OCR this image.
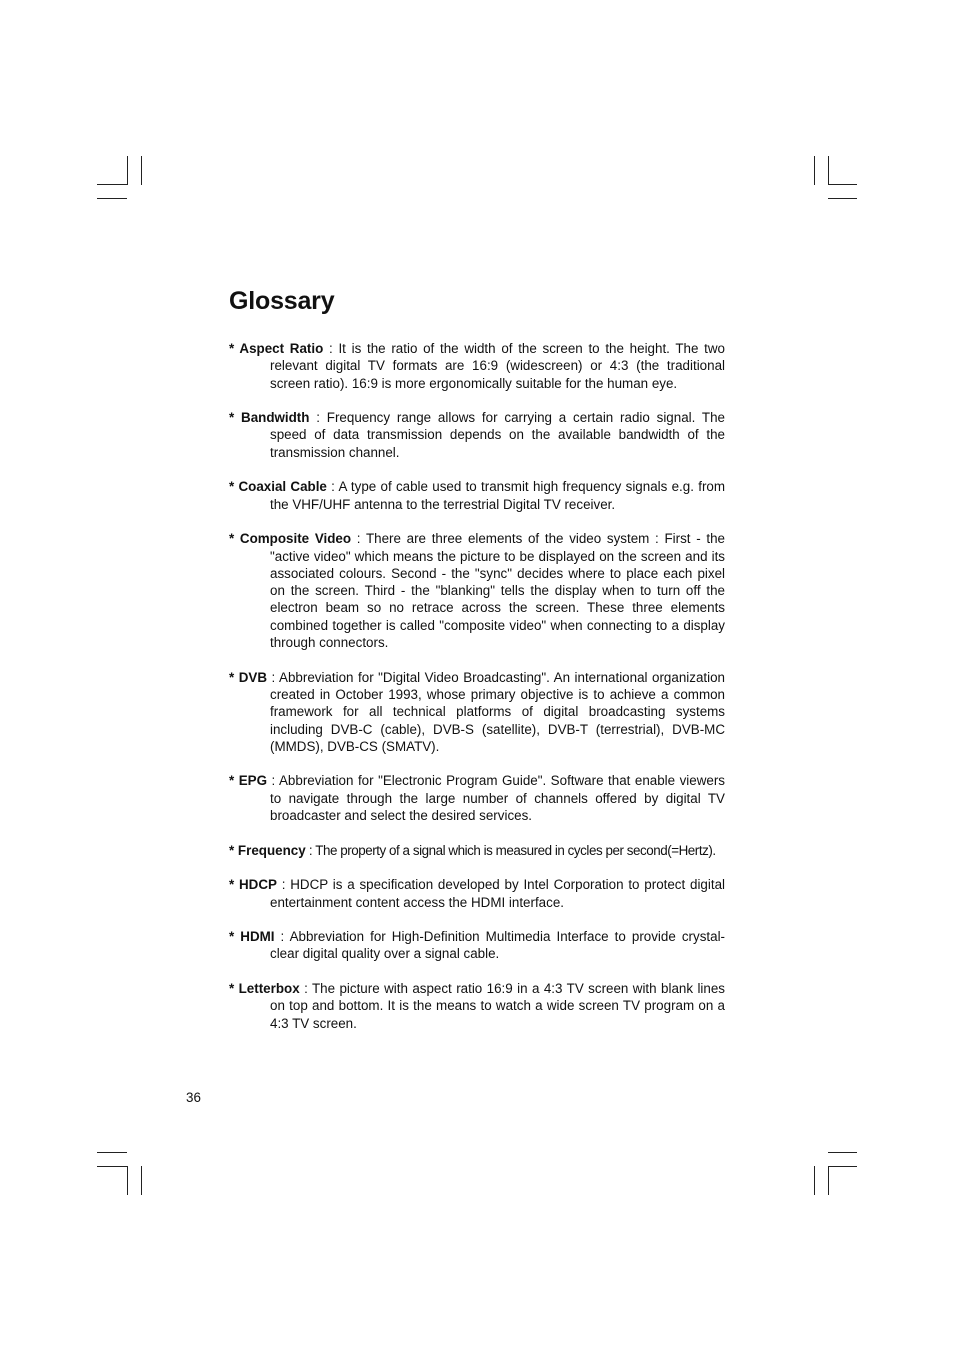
Glossary
* Aspect Ratio : It is the ratio of the width of the screen to the height. The two relevant digital TV formats are 16:9 (widescreen) or 4:3 (the traditional screen ratio). 16:9 is more ergonomically suitable for the human eye.
* Bandwidth : Frequency range allows for carrying a certain radio signal. The speed of data transmission depends on the available bandwidth of the transmission channel.
* Coaxial Cable : A type of cable used to transmit high frequency signals e.g. from the VHF/UHF antenna to the terrestrial Digital TV receiver.
* Composite Video : There are three elements of the video system : First - the "active video" which means the picture to be displayed on the screen and its associated colours. Second - the "sync" decides where to place each pixel on the screen. Third - the "blanking" tells the display when to turn off the electron beam so no retrace across the screen. These three elements combined together is called "composite video" when connecting to a display through connectors.
* DVB : Abbreviation for "Digital Video Broadcasting". An international organization created in October 1993, whose primary objective is to achieve a common framework for all technical platforms of digital broadcasting systems including DVB-C (cable), DVB-S (satellite), DVB-T (terrestrial), DVB-MC (MMDS), DVB-CS (SMATV).
* EPG : Abbreviation for "Electronic Program Guide". Software that enable viewers to navigate through the large number of channels offered by digital TV broadcaster and select the desired services.
* Frequency : The property of a signal which is measured in cycles per second(=Hertz).
* HDCP : HDCP is a specification developed by Intel Corporation to protect digital entertainment content access the HDMI interface.
* HDMI : Abbreviation for High-Definition Multimedia Interface to provide crystal-clear digital quality over a signal cable.
* Letterbox : The picture with aspect ratio 16:9 in a 4:3 TV screen with blank lines on top and bottom. It is the means to watch a wide screen TV program on a 4:3 TV screen.
36
